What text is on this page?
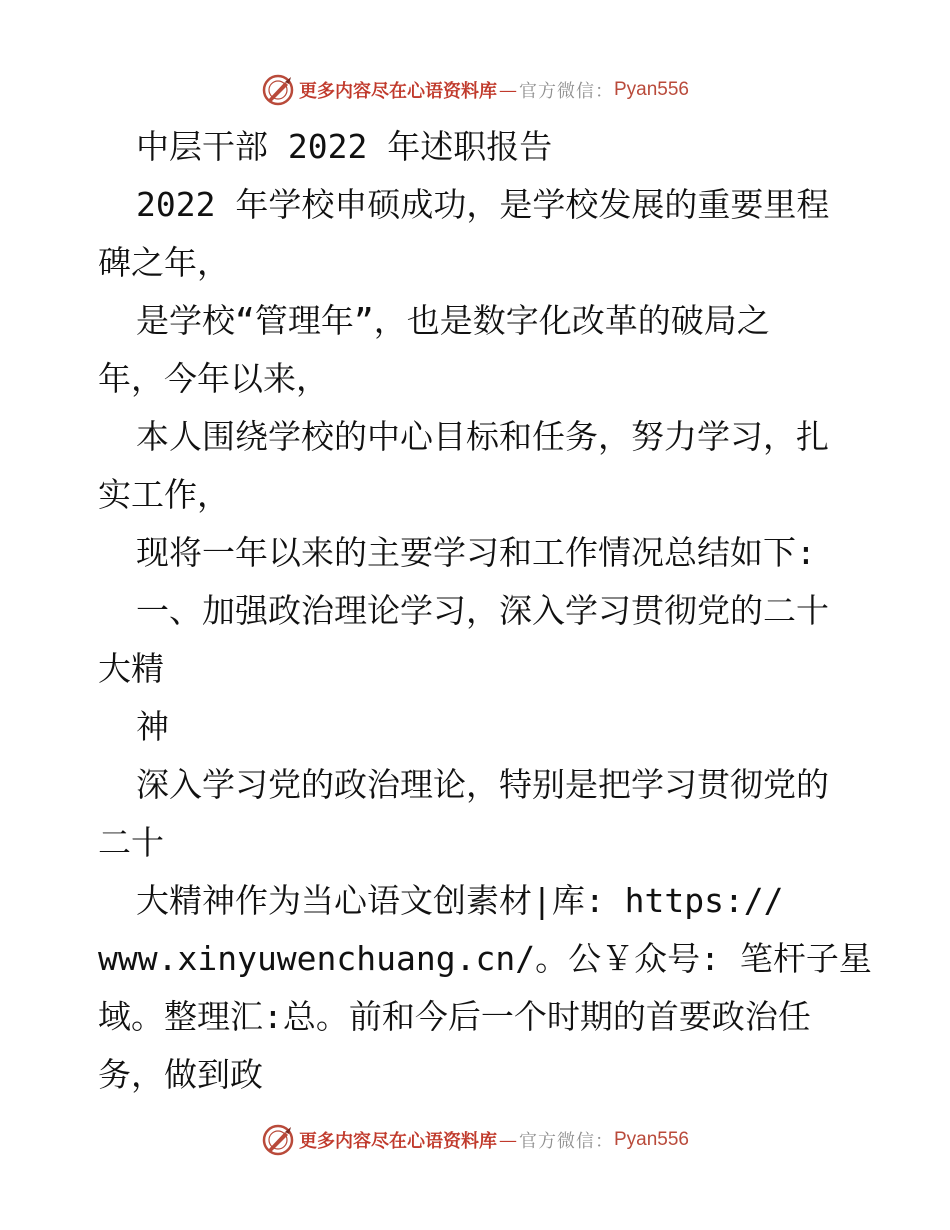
更多内容尽在心语资料库 — 官方微信： Pyan556
中层干部 2022 年述职报告
2022 年学校申硕成功，是学校发展的重要里程
碑之年，
是学校“管理年”，也是数字化改革的破局之
年，今年以来，
本人围绕学校的中心目标和任务，努力学习，扎
实工作，
现将一年以来的主要学习和工作情况总结如下:
一、加强政治理论学习，深入学习贯彻党的二十
大精
神
深入学习党的政治理论，特别是把学习贯彻党的
二十
大精神作为当心语文创素材|库: https://
www.xinyuwenchuang.cn/。公￥众号: 笔杆子星
域。整理汇:总。前和今后一个时期的首要政治任
务，做到政
更多内容尽在心语资料库 — 官方微信： Pyan556
